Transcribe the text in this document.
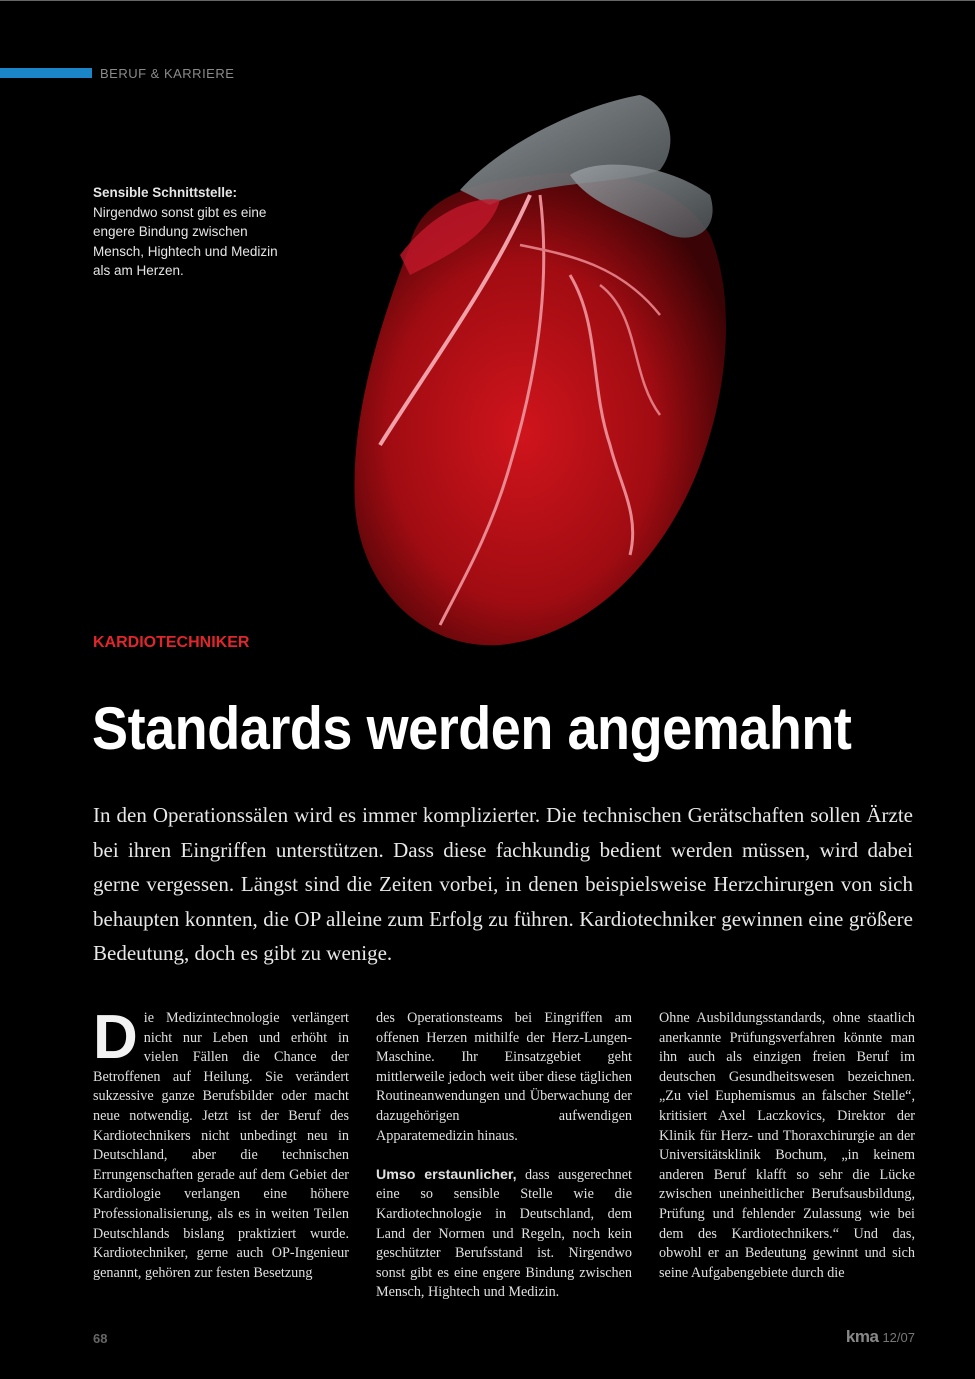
BERUF & KARRIERE
Sensible Schnittstelle:
Nirgendwo sonst gibt es eine engere Bindung zwischen Mensch, Hightech und Medizin als am Herzen.
KARDIOTECHNIKER
Standards werden angemahnt
In den Operationssälen wird es immer komplizierter. Die technischen Gerätschaften sollen Ärzte bei ihren Eingriffen unterstützen. Dass diese fachkundig bedient werden müssen, wird dabei gerne vergessen. Längst sind die Zeiten vorbei, in denen beispielsweise Herzchirurgen von sich behaupten konnten, die OP alleine zum Erfolg zu führen. Kardiotechniker gewinnen eine größere Bedeutung, doch es gibt zu wenige.
Die Medizintechnologie verlängert nicht nur Leben und erhöht in vielen Fällen die Chance der Betroffenen auf Heilung. Sie verändert sukzessive ganze Berufsbilder oder macht neue notwendig. Jetzt ist der Beruf des Kardiotechnikers nicht unbedingt neu in Deutschland, aber die technischen Errungenschaften gerade auf dem Gebiet der Kardiologie verlangen eine höhere Professionalisierung, als es in weiten Teilen Deutschlands bislang praktiziert wurde. Kardiotechniker, gerne auch OP-Ingenieur genannt, gehören zur festen Besetzung
des Operationsteams bei Eingriffen am offenen Herzen mithilfe der Herz-Lungen-Maschine. Ihr Einsatzgebiet geht mittlerweile jedoch weit über diese täglichen Routineanwendungen und Überwachung der dazugehörigen aufwendigen Apparatemedizin hinaus.
Umso erstaunlicher, dass ausgerechnet eine so sensible Stelle wie die Kardiotechnologie in Deutschland, dem Land der Normen und Regeln, noch kein geschützter Berufsstand ist. Nirgendwo sonst gibt es eine engere Bindung zwischen Mensch, Hightech und Medizin.
Ohne Ausbildungsstandards, ohne staatlich anerkannte Prüfungsverfahren könnte man ihn auch als einzigen freien Beruf im deutschen Gesundheitswesen bezeichnen. „Zu viel Euphemismus an falscher Stelle“, kritisiert Axel Laczkovics, Direktor der Klinik für Herz- und Thoraxchirurgie an der Universitätsklinik Bochum, „in keinem anderen Beruf klafft so sehr die Lücke zwischen uneinheitlicher Berufsausbildung, Prüfung und fehlender Zulassung wie bei dem des Kardiotechnikers.“ Und das, obwohl er an Bedeutung gewinnt und sich seine Aufgabengebiete durch die
68	kma 12/07
